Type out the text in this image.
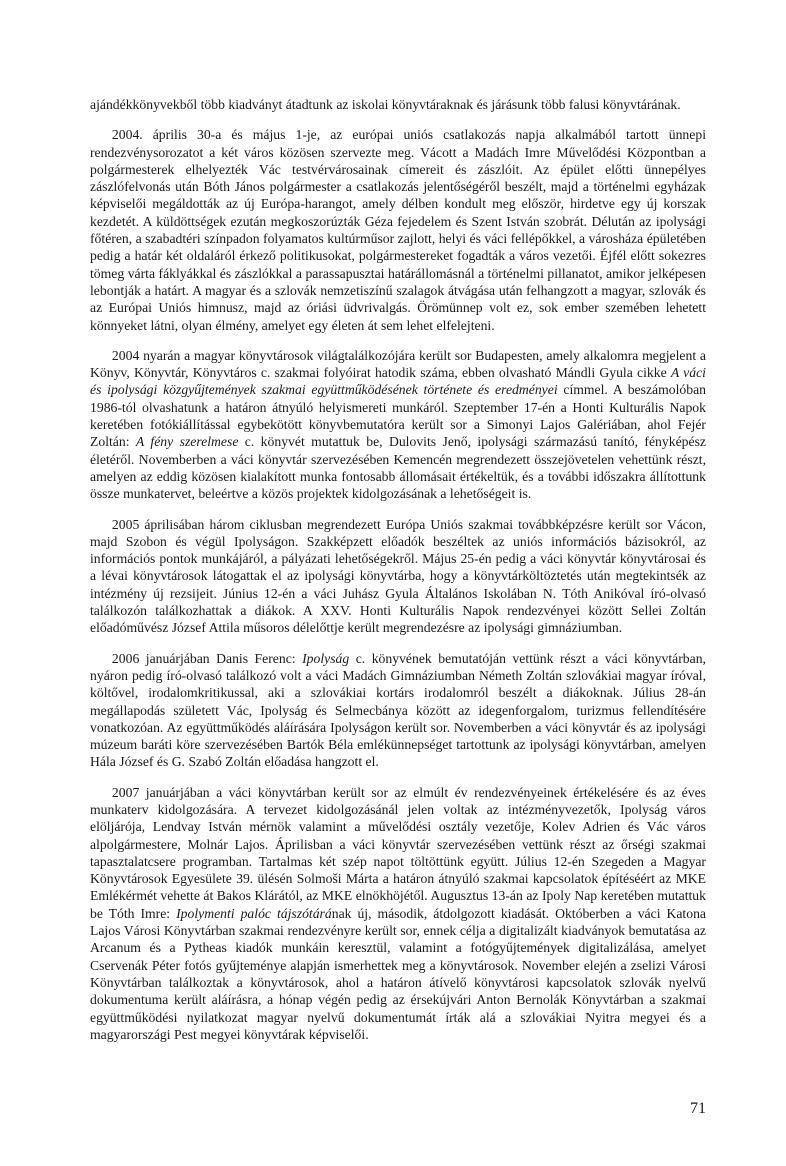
ajándékkönyvekből több kiadványt átadtunk az iskolai könyvtáraknak és járásunk több falusi könyvtárának.

2004. április 30-a és május 1-je, az európai uniós csatlakozás napja alkalmából tartott ünnepi rendezvénysorozatot a két város közösen szervezte meg. Vácott a Madách Imre Művelődési Központban a polgármesterek elhelyezték Vác testvérvárosainak címereit és zászlóit. Az épület előtti ünnepélyes zászlófelvonás után Bóth János polgármester a csatlakozás jelentőségéről beszélt, majd a történelmi egyházak képviselői megáldották az új Európa-harangot, amely délben kondult meg először, hirdetve egy új korszak kezdetét. A küldöttségek ezután megkoszorúzták Géza fejedelem és Szent István szobrát. Délután az ipolysági főtéren, a szabadtéri színpadon folyamatos kultúrműsor zajlott, helyi és váci fellépőkkel, a városháza épületében pedig a határ két oldaláról érkező politikusokat, polgármestereket fogadták a város vezetői. Éjfél előtt sokezres tömeg várta fáklyákkal és zászlókkal a parassapusztai határállomásnál a történelmi pillanatot, amikor jelképesen lebontják a határt. A magyar és a szlovák nemzetiszínű szalagok átvágása után felhangzott a magyar, szlovák és az Európai Uniós himnusz, majd az óriási üdvrivalgás. Örömünnep volt ez, sok ember szemében lehetett könnyeket látni, olyan élmény, amelyet egy életen át sem lehet elfelejteni.

2004 nyarán a magyar könyvtárosok világtalálkozójára került sor Budapesten, amely alkalomra megjelent a Könyv, Könyvtár, Könyvtáros c. szakmai folyóirat hatodik száma, ebben olvasható Mándli Gyula cikke A váci és ipolysági közgyűjtemények szakmai együttműködésének története és eredményei címmel. A beszámolóban 1986-tól olvashatunk a határon átnyúló helyismereti munkáról. Szeptember 17-én a Honti Kulturális Napok keretében fotókiállítással egybekötött könyvbemutatóra került sor a Simonyi Lajos Galériában, ahol Fejér Zoltán: A fény szerelmese c. könyvét mutattuk be, Dulovits Jenő, ipolysági származású tanító, fényképész életéről. Novemberben a váci könyvtár szervezésében Kemencén megrendezett összejövetelen vehettünk részt, amelyen az eddig közösen kialakított munka fontosabb állomásait értékeltük, és a további időszakra állítottunk össze munkatervet, beleértve a közös projektek kidolgozásának a lehetőségeit is.

2005 áprilisában három ciklusban megrendezett Európa Uniós szakmai továbbképzésre került sor Vácon, majd Szobon és végül Ipolyságon. Szakképzett előadók beszéltek az uniós információs bázisokról, az információs pontok munkájáról, a pályázati lehetőségekről. Május 25-én pedig a váci könyvtár könyvtárosai és a lévai könyvtárosok látogattak el az ipolysági könyvtárba, hogy a könyvtárköltöztetés után megtekintsék az intézmény új rezsijeit. Június 12-én a váci Juhász Gyula Általános Iskolában N. Tóth Anikóval író-olvasó találkozón találkozhattak a diákok. A XXV. Honti Kulturális Napok rendezvényei között Sellei Zoltán előadóművész József Attila műsoros délelőttje került megrendezésre az ipolysági gimnáziumban.

2006 januárjában Danis Ferenc: Ipolyság c. könyvének bemutatóján vettünk részt a váci könyvtárban, nyáron pedig író-olvasó találkozó volt a váci Madách Gimnáziumban Németh Zoltán szlovákiai magyar íróval, költővel, irodalomkritikussal, aki a szlovákiai kortárs irodalomról beszélt a diákoknak. Július 28-án megállapodás született Vác, Ipolyság és Selmecbánya között az idegenforgalom, turizmus fellendítésére vonatkozóan. Az együttműködés aláírására Ipolyságon került sor. Novemberben a váci könyvtár és az ipolysági múzeum baráti köre szervezésében Bartók Béla emlékünnepséget tartottunk az ipolysági könyvtárban, amelyen Hála József és G. Szabó Zoltán előadása hangzott el.

2007 januárjában a váci könyvtárban került sor az elmúlt év rendezvényeinek értékelésére és az éves munkaterv kidolgozására. A tervezet kidolgozásánál jelen voltak az intézményvezetők, Ipolyság város elöljárója, Lendvay István mérnök valamint a művelődési osztály vezetője, Kolev Adrien és Vác város alpolgármestere, Molnár Lajos. Áprilisban a váci könyvtár szervezésében vettünk részt az őrségi szakmai tapasztalatcsere programban. Tartalmas két szép napot töltöttünk együtt. Július 12-én Szegeden a Magyar Könyvtárosok Egyesülete 39. ülésén Solmoši Márta a határon átnyúló szakmai kapcsolatok építéséért az MKE Emlékérmét vehette át Bakos Klárától, az MKE elnökhöjétől. Augusztus 13-án az Ipoly Nap keretében mutattuk be Tóth Imre: Ipolymenti palóc tájszótárának új, második, átdolgozott kiadását. Októberben a váci Katona Lajos Városi Könyvtárban szakmai rendezvényre került sor, ennek célja a digitalizált kiadványok bemutatása az Arcanum és a Pytheas kiadók munkáin keresztül, valamint a fotógyűjtemények digitalizálása, amelyet Cservenák Péter fotós gyűjteménye alapján ismerhettek meg a könyvtárosok. November elején a zselizi Városi Könyvtárban találkoztak a könyvtárosok, ahol a határon átívelő könyvtárosi kapcsolatok szlovák nyelvű dokumentuma került aláírásra, a hónap végén pedig az érsekújvári Anton Bernolák Könyvtárban a szakmai együttműködési nyilatkozat magyar nyelvű dokumentumát írták alá a szlovákiai Nyitra megyei és a magyarországi Pest megyei könyvtárak képviselői.

71
